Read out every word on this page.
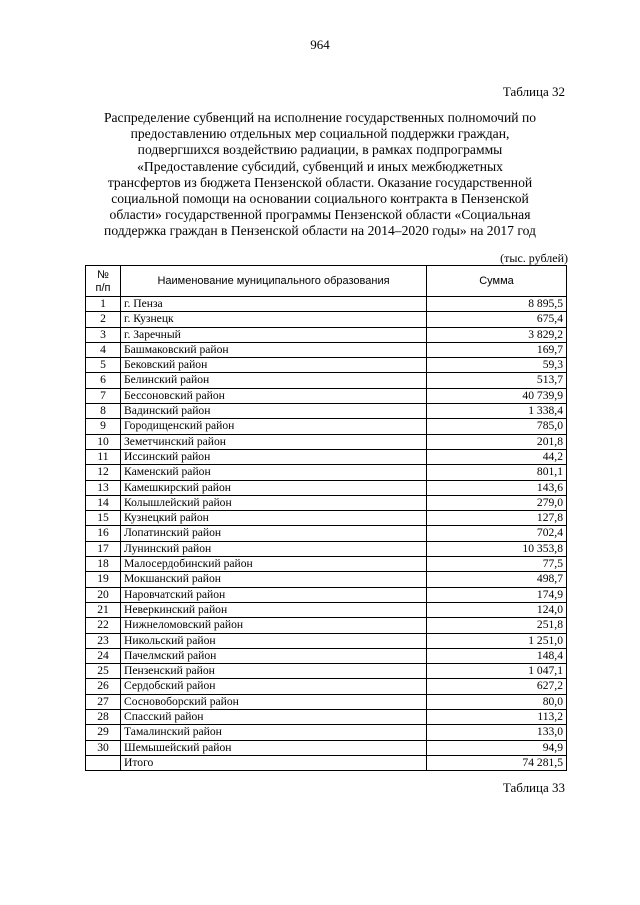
964
Таблица 32
Распределение субвенций на исполнение государственных полномочий по
предоставлению отдельных мер социальной поддержки граждан,
подвергшихся воздействию радиации, в рамках подпрограммы
«Предоставление субсидий, субвенций и иных межбюджетных
трансфертов из бюджета Пензенской области. Оказание государственной
социальной помощи на основании социального контракта в Пензенской
области» государственной программы Пензенской области «Социальная
поддержка граждан в Пензенской области на 2014–2020 годы» на 2017 год
(тыс. рублей)
№
п/п	Наименование муниципального образования	Сумма
1	г. Пенза	8 895,5
2	г. Кузнецк	675,4
3	г. Заречный	3 829,2
4	Башмаковский район	169,7
5	Бековский район	59,3
6	Белинский район	513,7
7	Бессоновский район	40 739,9
8	Вадинский район	1 338,4
9	Городищенский район	785,0
10	Земетчинский район	201,8
11	Иссинский район	44,2
12	Каменский район	801,1
13	Камешкирский район	143,6
14	Колышлейский район	279,0
15	Кузнецкий район	127,8
16	Лопатинский район	702,4
17	Лунинский район	10 353,8
18	Малосердобинский район	77,5
19	Мокшанский район	498,7
20	Наровчатский район	174,9
21	Неверкинский район	124,0
22	Нижнеломовский район	251,8
23	Никольский район	1 251,0
24	Пачелмский район	148,4
25	Пензенский район	1 047,1
26	Сердобский район	627,2
27	Сосновоборский район	80,0
28	Спасский район	113,2
29	Тамалинский район	133,0
30	Шемышейский район	94,9
	Итого	74 281,5
Таблица 33
